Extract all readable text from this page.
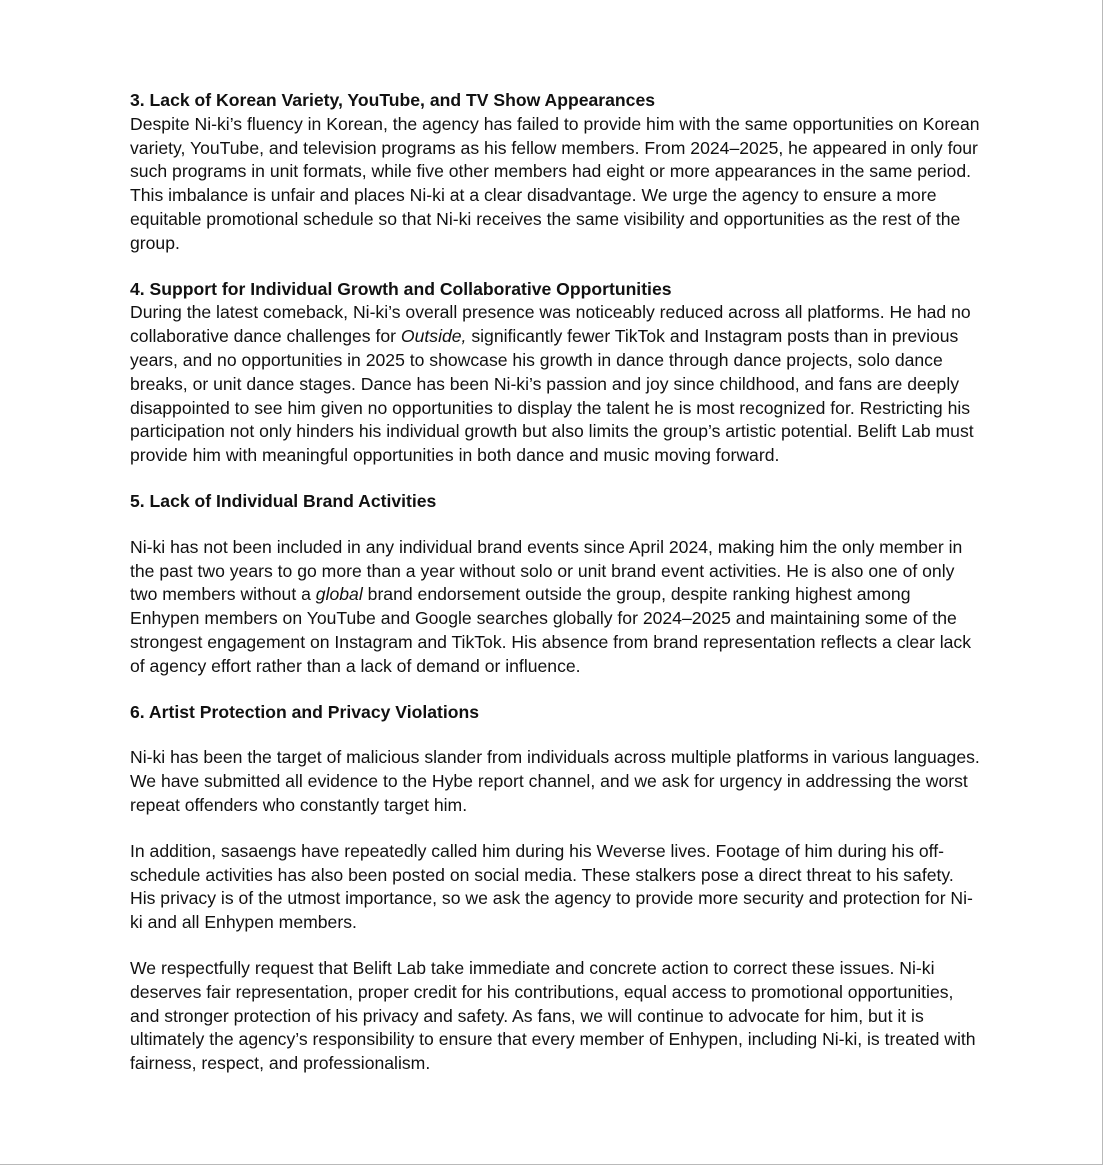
3. Lack of Korean Variety, YouTube, and TV Show Appearances

Despite Ni-ki’s fluency in Korean, the agency has failed to provide him with the same opportunities on Korean variety, YouTube, and television programs as his fellow members. From 2024–2025, he appeared in only four such programs in unit formats, while five other members had eight or more appearances in the same period. This imbalance is unfair and places Ni-ki at a clear disadvantage. We urge the agency to ensure a more equitable promotional schedule so that Ni-ki receives the same visibility and opportunities as the rest of the group.

4. Support for Individual Growth and Collaborative Opportunities

During the latest comeback, Ni-ki’s overall presence was noticeably reduced across all platforms. He had no collaborative dance challenges for Outside, significantly fewer TikTok and Instagram posts than in previous years, and no opportunities in 2025 to showcase his growth in dance through dance projects, solo dance breaks, or unit dance stages. Dance has been Ni-ki’s passion and joy since childhood, and fans are deeply disappointed to see him given no opportunities to display the talent he is most recognized for. Restricting his participation not only hinders his individual growth but also limits the group’s artistic potential. Belift Lab must provide him with meaningful opportunities in both dance and music moving forward.

5. Lack of Individual Brand Activities

Ni-ki has not been included in any individual brand events since April 2024, making him the only member in the past two years to go more than a year without solo or unit brand event activities. He is also one of only two members without a global brand endorsement outside the group, despite ranking highest among Enhypen members on YouTube and Google searches globally for 2024–2025 and maintaining some of the strongest engagement on Instagram and TikTok. His absence from brand representation reflects a clear lack of agency effort rather than a lack of demand or influence.

6. Artist Protection and Privacy Violations

Ni-ki has been the target of malicious slander from individuals across multiple platforms in various languages. We have submitted all evidence to the Hybe report channel, and we ask for urgency in addressing the worst repeat offenders who constantly target him.

In addition, sasaengs have repeatedly called him during his Weverse lives. Footage of him during his off-schedule activities has also been posted on social media. These stalkers pose a direct threat to his safety. His privacy is of the utmost importance, so we ask the agency to provide more security and protection for Ni-ki and all Enhypen members.

We respectfully request that Belift Lab take immediate and concrete action to correct these issues. Ni-ki deserves fair representation, proper credit for his contributions, equal access to promotional opportunities, and stronger protection of his privacy and safety. As fans, we will continue to advocate for him, but it is ultimately the agency’s responsibility to ensure that every member of Enhypen, including Ni-ki, is treated with fairness, respect, and professionalism.
